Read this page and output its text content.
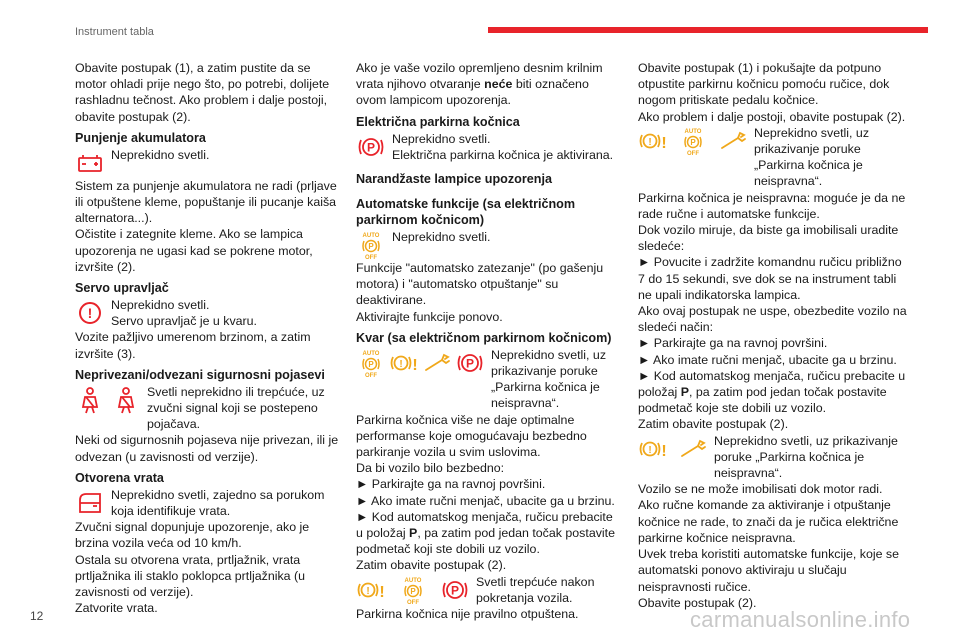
Instrument tabla

Obavite postupak (1), a zatim pustite da se motor ohladi prije nego što, po potrebi, dolijete rashladnu tečnost. Ako problem i dalje postoji, obavite postupak (2).

Punjenje akumulatora

Neprekidno svetli.

Sistem za punjenje akumulatora ne radi (prljave ili otpuštene kleme, popuštanje ili pucanje kaiša alternatora...).

Očistite i zategnite kleme. Ako se lampica upozorenja ne ugasi kad se pokrene motor, izvršite (2).

Servo upravljač
! Neprekidno svetli.

Servo upravljač je u kvaru.

Vozite pažljivo umerenom brzinom, a zatim izvršite (3).

Neprivezani/odvezani sigurnosni pojasevi

Svetli neprekidno ili trepćuće, uz zvučni signal koji se postepeno pojačava.

Neki od sigurnosnih pojaseva nije privezan, ili je odvezan (u zavisnosti od verzije).

Otvorena vrata

Neprekidno svetli, zajedno sa porukom koja identifikuje vrata.

Zvučni signal dopunjuje upozorenje, ako je brzina vozila veća od 10 km/h.

Ostala su otvorena vrata, prtljažnik, vrata prtljažnika ili staklo poklopca prtljažnika (u zavisnosti od verzije).

Zatvorite vrata.

Ako je vaše vozilo opremljeno desnim krilnim vrata njihovo otvaranje neće biti označeno ovom lampicom upozorenja.

Električna parkirna kočnica
P

Neprekidno svetli.

Električna parkirna kočnica je aktivirana.

Narandžaste lampice upozorenja
Automatske funkcije (sa električnom parkirnom kočnicom)
AUTO
P
OFF

Neprekidno svetli.

Funkcije "automatsko zatezanje" (po gašenju motora) i "automatsko otpuštanje" su deaktivirane.

Aktivirajte funkcije ponovo.

Kvar (sa električnom parkirnom kočnicom)
AUTO
P
OFF
! !	P

Neprekidno svetli, uz prikazivanje poruke „Parkirna kočnica je neispravna“.

Parkirna kočnica više ne daje optimalne performanse koje omogućavaju bezbedno parkiranje vozila u svim uslovima.

Da bi vozilo bilo bezbedno:

► Parkirajte ga na ravnoj površini.

► Ako imate ručni menjač, ubacite ga u brzinu.

► Kod automatskog menjača, ručicu prebacite u položaj P, pa zatim pod jedan točak postavite podmetač koji ste dobili uz vozilo.

Zatim obavite postupak (2).

! !
AUTO
P
OFF
P

Svetli trepćuće nakon pokretanja vozila.

Parkirna kočnica nije pravilno otpuštena.

Obavite postupak (1) i pokušajte da potpuno otpustite parkirnu kočnicu pomoću ručice, dok nogom pritiskate pedalu kočnice.

Ako problem i dalje postoji, obavite postupak (2).

! !
AUTO
P
OFF

Neprekidno svetli, uz prikazivanje poruke „Parkirna kočnica je neispravna“.

Parkirna kočnica je neispravna: moguće je da ne rade ručne i automatske funkcije.

Dok vozilo miruje, da biste ga imobilisali uradite sledeće:

► Povucite i zadržite komandnu ručicu približno 7 do 15 sekundi, sve dok se na instrument tabli ne upali indikatorska lampica.

Ako ovaj postupak ne uspe, obezbedite vozilo na sledeći način:

► Parkirajte ga na ravnoj površini.

► Ako imate ručni menjač, ubacite ga u brzinu.

► Kod automatskog menjača, ručicu prebacite u položaj P, pa zatim pod jedan točak postavite podmetač koje ste dobili uz vozilo.

Zatim obavite postupak (2).

! !

Neprekidno svetli, uz prikazivanje poruke „Parkirna kočnica je neispravna“.

Vozilo se ne može imobilisati dok motor radi.

Ako ručne komande za aktiviranje i otpuštanje kočnice ne rade, to znači da je ručica električne parkirne kočnice neispravna.

Uvek treba koristiti automatske funkcije, koje se automatski ponovo aktiviraju u slučaju neispravnosti ručice.

Obavite postupak (2).

12	carmanualsonline.info
